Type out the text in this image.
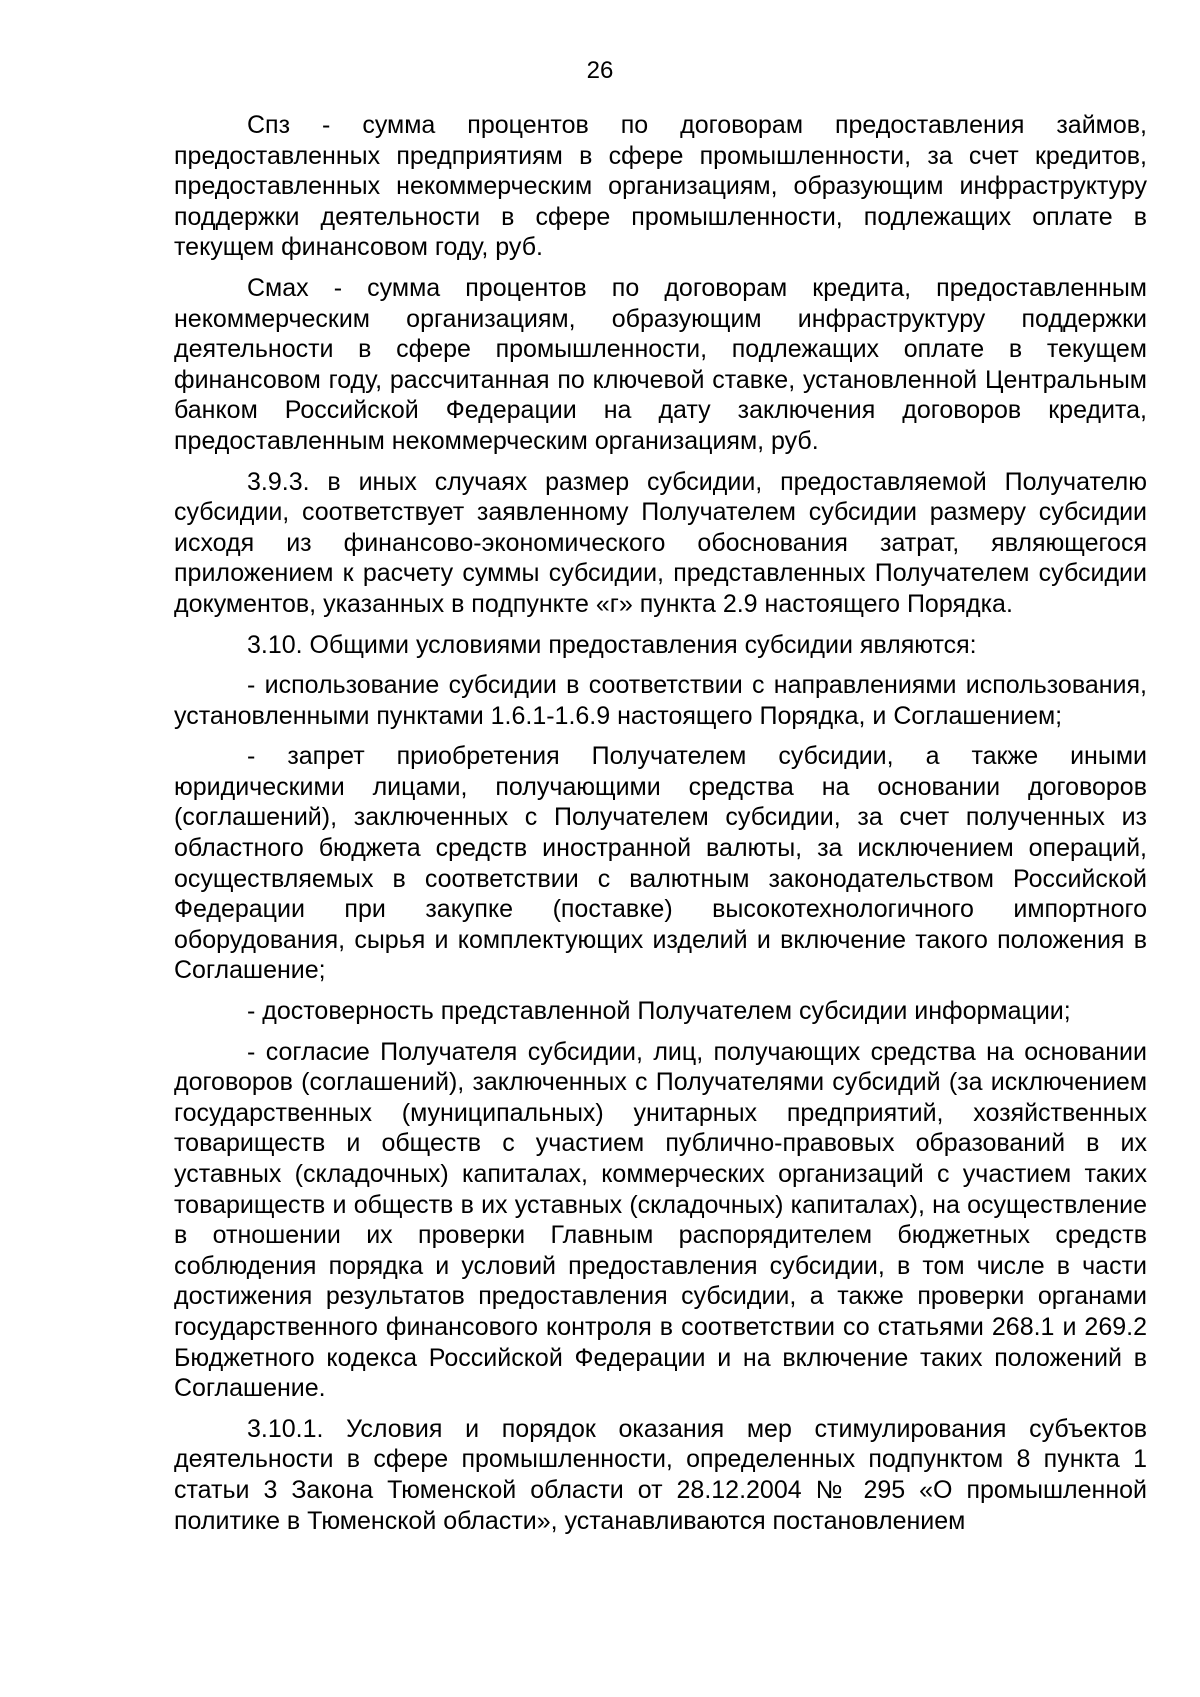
26

Спз - сумма процентов по договорам предоставления займов, предоставленных предприятиям в сфере промышленности, за счет кредитов, предоставленных некоммерческим организациям, образующим инфраструктуру поддержки деятельности в сфере промышленности, подлежащих оплате в текущем финансовом году, руб.

Смах - сумма процентов по договорам кредита, предоставленным некоммерческим организациям, образующим инфраструктуру поддержки деятельности в сфере промышленности, подлежащих оплате в текущем финансовом году, рассчитанная по ключевой ставке, установленной Центральным банком Российской Федерации на дату заключения договоров кредита, предоставленным некоммерческим организациям, руб.

3.9.3. в иных случаях размер субсидии, предоставляемой Получателю субсидии, соответствует заявленному Получателем субсидии размеру субсидии исходя из финансово-экономического обоснования затрат, являющегося приложением к расчету суммы субсидии, представленных Получателем субсидии документов, указанных в подпункте «г» пункта 2.9 настоящего Порядка.

3.10. Общими условиями предоставления субсидии являются:

- использование субсидии в соответствии с направлениями использования, установленными пунктами 1.6.1-1.6.9 настоящего Порядка, и Соглашением;

- запрет приобретения Получателем субсидии, а также иными юридическими лицами, получающими средства на основании договоров (соглашений), заключенных с Получателем субсидии, за счет полученных из областного бюджета средств иностранной валюты, за исключением операций, осуществляемых в соответствии с валютным законодательством Российской Федерации при закупке (поставке) высокотехнологичного импортного оборудования, сырья и комплектующих изделий и включение такого положения в Соглашение;

- достоверность представленной Получателем субсидии информации;

- согласие Получателя субсидии, лиц, получающих средства на основании договоров (соглашений), заключенных с Получателями субсидий (за исключением государственных (муниципальных) унитарных предприятий, хозяйственных товариществ и обществ с участием публично-правовых образований в их уставных (складочных) капиталах, коммерческих организаций с участием таких товариществ и обществ в их уставных (складочных) капиталах), на осуществление в отношении их проверки Главным распорядителем бюджетных средств соблюдения порядка и условий предоставления субсидии, в том числе в части достижения результатов предоставления субсидии, а также проверки органами государственного финансового контроля в соответствии со статьями 268.1 и 269.2 Бюджетного кодекса Российской Федерации и на включение таких положений в Соглашение.

3.10.1. Условия и порядок оказания мер стимулирования субъектов деятельности в сфере промышленности, определенных подпунктом 8 пункта 1 статьи 3 Закона Тюменской области от 28.12.2004 № 295 «О промышленной политике в Тюменской области», устанавливаются постановлением
